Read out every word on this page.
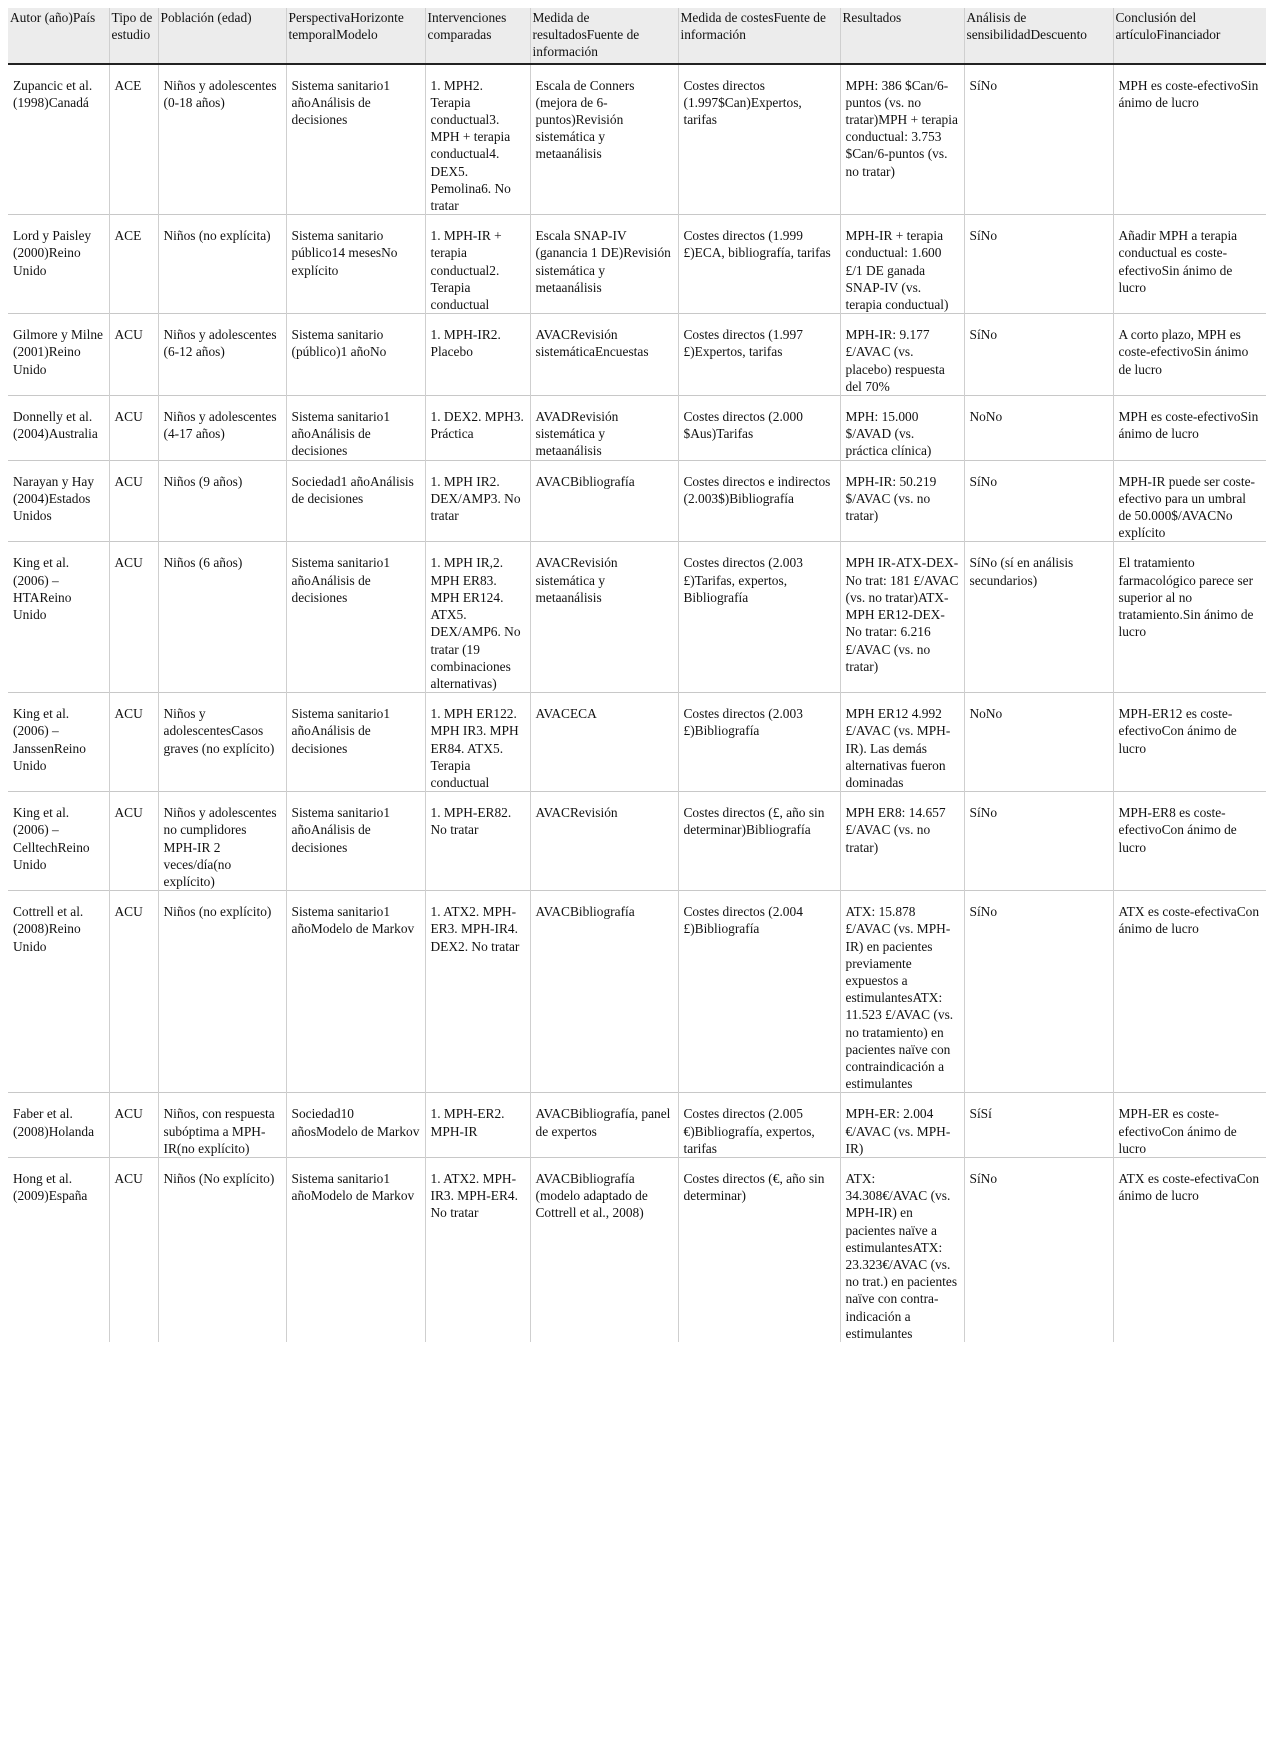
Autor (año)País	Tipo de estudio	Población (edad)	PerspectivaHorizonte temporalModelo	Intervenciones comparadas	Medida de resultadosFuente de información	Medida de costesFuente de información	Resultados	Análisis de sensibilidadDescuento	Conclusión del artículoFinanciador
Zupancic et al. (1998)Canadá	ACE	Niños y adolescentes (0-18 años)	Sistema sanitario1 añoAnálisis de decisiones	1. MPH2. Terapia conductual3. MPH + terapia conductual4. DEX5. Pemolina6. No tratar	Escala de Conners (mejora de 6-puntos)Revisión sistemática y metaanálisis	Costes directos (1.997$Can)Expertos, tarifas	MPH: 386 $Can/6-puntos (vs. no tratar)MPH + terapia conductual: 3.753 $Can/6-puntos (vs. no tratar)	SíNo	MPH es coste-efectivoSin ánimo de lucro
Lord y Paisley (2000)Reino Unido	ACE	Niños (no explícita)	Sistema sanitario público14 mesesNo explícito	1. MPH-IR + terapia conductual2. Terapia conductual	Escala SNAP-IV (ganancia 1 DE)Revisión sistemática y metaanálisis	Costes directos (1.999 £)ECA, bibliografía, tarifas	MPH-IR + terapia conductual: 1.600 £/1 DE ganada SNAP-IV (vs. terapia conductual)	SíNo	Añadir MPH a terapia conductual es coste-efectivoSin ánimo de lucro
Gilmore y Milne (2001)Reino Unido	ACU	Niños y adolescentes (6-12 años)	Sistema sanitario (público)1 añoNo	1. MPH-IR2. Placebo	AVACRevisión sistemáticaEncuestas	Costes directos (1.997 £)Expertos, tarifas	MPH-IR: 9.177 £/AVAC (vs. placebo) respuesta del 70%	SíNo	A corto plazo, MPH es coste-efectivoSin ánimo de lucro
Donnelly et al. (2004)Australia	ACU	Niños y adolescentes (4-17 años)	Sistema sanitario1 añoAnálisis de decisiones	1. DEX2. MPH3. Práctica	AVADRevisión sistemática y metaanálisis	Costes directos (2.000 $Aus)Tarifas	MPH: 15.000 $/AVAD (vs. práctica clínica)	NoNo	MPH es coste-efectivoSin ánimo de lucro
Narayan y Hay (2004)Estados Unidos	ACU	Niños (9 años)	Sociedad1 añoAnálisis de decisiones	1. MPH IR2. DEX/AMP3. No tratar	AVACBibliografía	Costes directos e indirectos (2.003$)Bibliografía	MPH-IR: 50.219 $/AVAC (vs. no tratar)	SíNo	MPH-IR puede ser coste-efectivo para un umbral de 50.000$/AVACNo explícito
King et al. (2006) – HTAReino Unido	ACU	Niños (6 años)	Sistema sanitario1 añoAnálisis de decisiones	1. MPH IR,2. MPH ER83. MPH ER124. ATX5. DEX/AMP6. No tratar (19 combinaciones alternativas)	AVACRevisión sistemática y metaanálisis	Costes directos (2.003 £)Tarifas, expertos, Bibliografía	MPH IR-ATX-DEX-No trat: 181 £/AVAC (vs. no tratar)ATX- MPH ER12-DEX-No tratar: 6.216 £/AVAC (vs. no tratar)	SíNo (sí en análisis secundarios)	El tratamiento farmacológico parece ser superior al no tratamiento.Sin ánimo de lucro
King et al. (2006) – JanssenReino Unido	ACU	Niños y adolescentesCasos graves (no explícito)	Sistema sanitario1 añoAnálisis de decisiones	1. MPH ER122. MPH IR3. MPH ER84. ATX5. Terapia conductual	AVACECA	Costes directos (2.003 £)Bibliografía	MPH ER12 4.992 £/AVAC (vs. MPH-IR). Las demás alternativas fueron dominadas	NoNo	MPH-ER12 es coste-efectivoCon ánimo de lucro
King et al. (2006) – CelltechReino Unido	ACU	Niños y adolescentes no cumplidores MPH-IR 2 veces/día(no explícito)	Sistema sanitario1 añoAnálisis de decisiones	1. MPH-ER82. No tratar	AVACRevisión	Costes directos (£, año sin determinar)Bibliografía	MPH ER8: 14.657 £/AVAC (vs. no tratar)	SíNo	MPH-ER8 es coste-efectivoCon ánimo de lucro
Cottrell et al. (2008)Reino Unido	ACU	Niños (no explícito)	Sistema sanitario1 añoModelo de Markov	1. ATX2. MPH-ER3. MPH-IR4. DEX2. No tratar	AVACBibliografía	Costes directos (2.004 £)Bibliografía	ATX: 15.878 £/AVAC (vs. MPH-IR) en pacientes previamente expuestos a estimulantesATX: 11.523 £/AVAC (vs. no tratamiento) en pacientes naïve con contraindicación a estimulantes	SíNo	ATX es coste-efectivaCon ánimo de lucro
Faber et al. (2008)Holanda	ACU	Niños, con respuesta subóptima a MPH-IR(no explícito)	Sociedad10 añosModelo de Markov	1. MPH-ER2. MPH-IR	AVACBibliografía, panel de expertos	Costes directos (2.005 €)Bibliografía, expertos, tarifas	MPH-ER: 2.004 €/AVAC (vs. MPH-IR)	SíSí	MPH-ER es coste-efectivoCon ánimo de lucro
Hong et al. (2009)España	ACU	Niños (No explícito)	Sistema sanitario1 añoModelo de Markov	1. ATX2. MPH-IR3. MPH-ER4. No tratar	AVACBibliografía (modelo adaptado de Cottrell et al., 2008)	Costes directos (€, año sin determinar)	ATX: 34.308€/AVAC (vs. MPH-IR) en pacientes naïve a estimulantesATX: 23.323€/AVAC (vs. no trat.) en pacientes naïve con contra-indicación a estimulantes	SíNo	ATX es coste-efectivaCon ánimo de lucro
